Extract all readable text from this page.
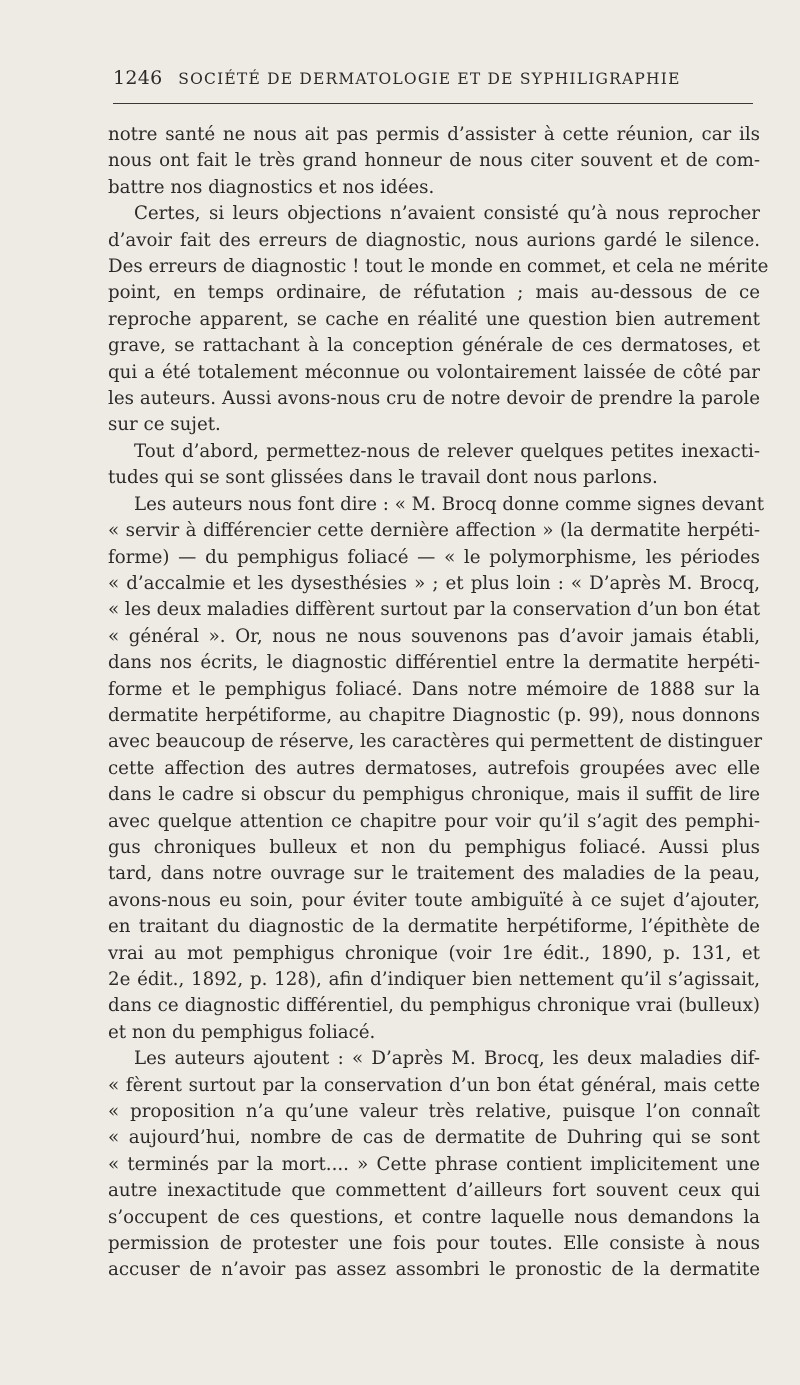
1246 SOCIÉTÉ DE DERMATOLOGIE ET DE SYPHILIGRAPHIE
notre santé ne nous ait pas permis d’assister à cette réunion, car ils
nous ont fait le très grand honneur de nous citer souvent et de com-
battre nos diagnostics et nos idées.
Certes, si leurs objections n’avaient consisté qu’à nous reprocher
d’avoir fait des erreurs de diagnostic, nous aurions gardé le silence.
Des erreurs de diagnostic ! tout le monde en commet, et cela ne mérite
point, en temps ordinaire, de réfutation ; mais au-dessous de ce
reproche apparent, se cache en réalité une question bien autrement
grave, se rattachant à la conception générale de ces dermatoses, et
qui a été totalement méconnue ou volontairement laissée de côté par
les auteurs. Aussi avons-nous cru de notre devoir de prendre la parole
sur ce sujet.
Tout d’abord, permettez-nous de relever quelques petites inexacti-
tudes qui se sont glissées dans le travail dont nous parlons.
Les auteurs nous font dire : « M. Brocq donne comme signes devant
« servir à différencier cette dernière affection » (la dermatite herpéti-
forme) — du pemphigus foliacé — « le polymorphisme, les périodes
« d’accalmie et les dysesthésies » ; et plus loin : « D’après M. Brocq,
« les deux maladies diffèrent surtout par la conservation d’un bon état
« général ». Or, nous ne nous souvenons pas d’avoir jamais établi,
dans nos écrits, le diagnostic différentiel entre la dermatite herpéti-
forme et le pemphigus foliacé. Dans notre mémoire de 1888 sur la
dermatite herpétiforme, au chapitre Diagnostic (p. 99), nous donnons
avec beaucoup de réserve, les caractères qui permettent de distinguer
cette affection des autres dermatoses, autrefois groupées avec elle
dans le cadre si obscur du pemphigus chronique, mais il suffit de lire
avec quelque attention ce chapitre pour voir qu’il s’agit des pemphi-
gus chroniques bulleux et non du pemphigus foliacé. Aussi plus
tard, dans notre ouvrage sur le traitement des maladies de la peau,
avons-nous eu soin, pour éviter toute ambiguïté à ce sujet d’ajouter,
en traitant du diagnostic de la dermatite herpétiforme, l’épithète de
vrai au mot pemphigus chronique (voir 1re édit., 1890, p. 131, et
2e édit., 1892, p. 128), afin d’indiquer bien nettement qu’il s’agissait,
dans ce diagnostic différentiel, du pemphigus chronique vrai (bulleux)
et non du pemphigus foliacé.
Les auteurs ajoutent : « D’après M. Brocq, les deux maladies dif-
« fèrent surtout par la conservation d’un bon état général, mais cette
« proposition n’a qu’une valeur très relative, puisque l’on connaît
« aujourd’hui, nombre de cas de dermatite de Duhring qui se sont
« terminés par la mort.... » Cette phrase contient implicitement une
autre inexactitude que commettent d’ailleurs fort souvent ceux qui
s’occupent de ces questions, et contre laquelle nous demandons la
permission de protester une fois pour toutes. Elle consiste à nous
accuser de n’avoir pas assez assombri le pronostic de la dermatite
